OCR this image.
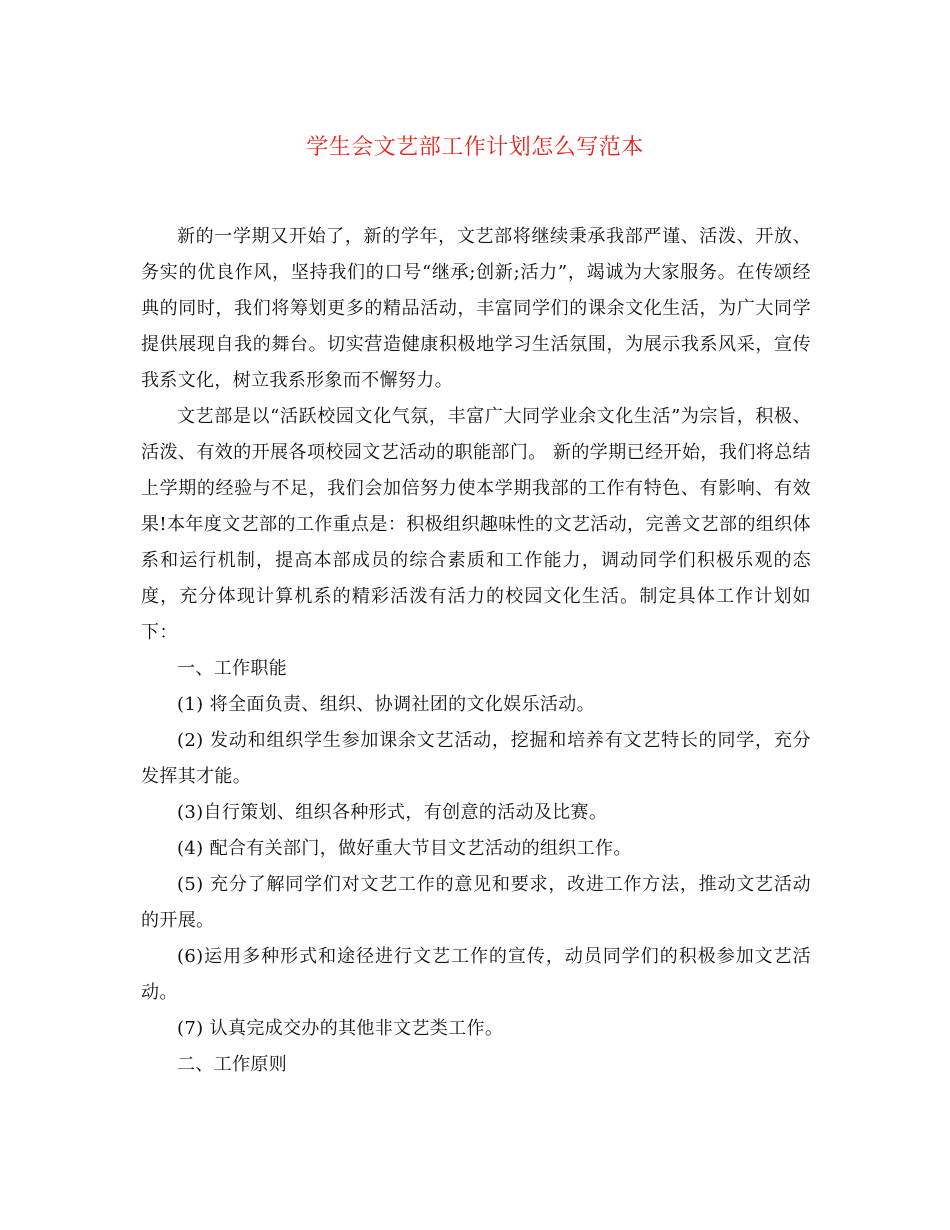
学生会文艺部工作计划怎么写范本

新的一学期又开始了，新的学年，文艺部将继续秉承我部严谨、活泼、开放、务实的优良作风，坚持我们的口号“继承;创新;活力”，竭诚为大家服务。在传颂经典的同时，我们将筹划更多的精品活动，丰富同学们的课余文化生活，为广大同学提供展现自我的舞台。切实营造健康积极地学习生活氛围，为展示我系风采，宣传我系文化，树立我系形象而不懈努力。

文艺部是以“活跃校园文化气氛，丰富广大同学业余文化生活”为宗旨，积极、活泼、有效的开展各项校园文艺活动的职能部门。 新的学期已经开始，我们将总结上学期的经验与不足，我们会加倍努力使本学期我部的工作有特色、有影响、有效果!本年度文艺部的工作重点是：积极组织趣味性的文艺活动，完善文艺部的组织体系和运行机制，提高本部成员的综合素质和工作能力，调动同学们积极乐观的态度，充分体现计算机系的精彩活泼有活力的校园文化生活。制定具体工作计划如下：

一、工作职能

(1) 将全面负责、组织、协调社团的文化娱乐活动。

(2) 发动和组织学生参加课余文艺活动，挖掘和培养有文艺特长的同学，充分发挥其才能。

(3)自行策划、组织各种形式，有创意的活动及比赛。

(4) 配合有关部门，做好重大节目文艺活动的组织工作。

(5) 充分了解同学们对文艺工作的意见和要求，改进工作方法，推动文艺活动的开展。

(6)运用多种形式和途径进行文艺工作的宣传，动员同学们的积极参加文艺活动。

(7) 认真完成交办的其他非文艺类工作。

二、工作原则
